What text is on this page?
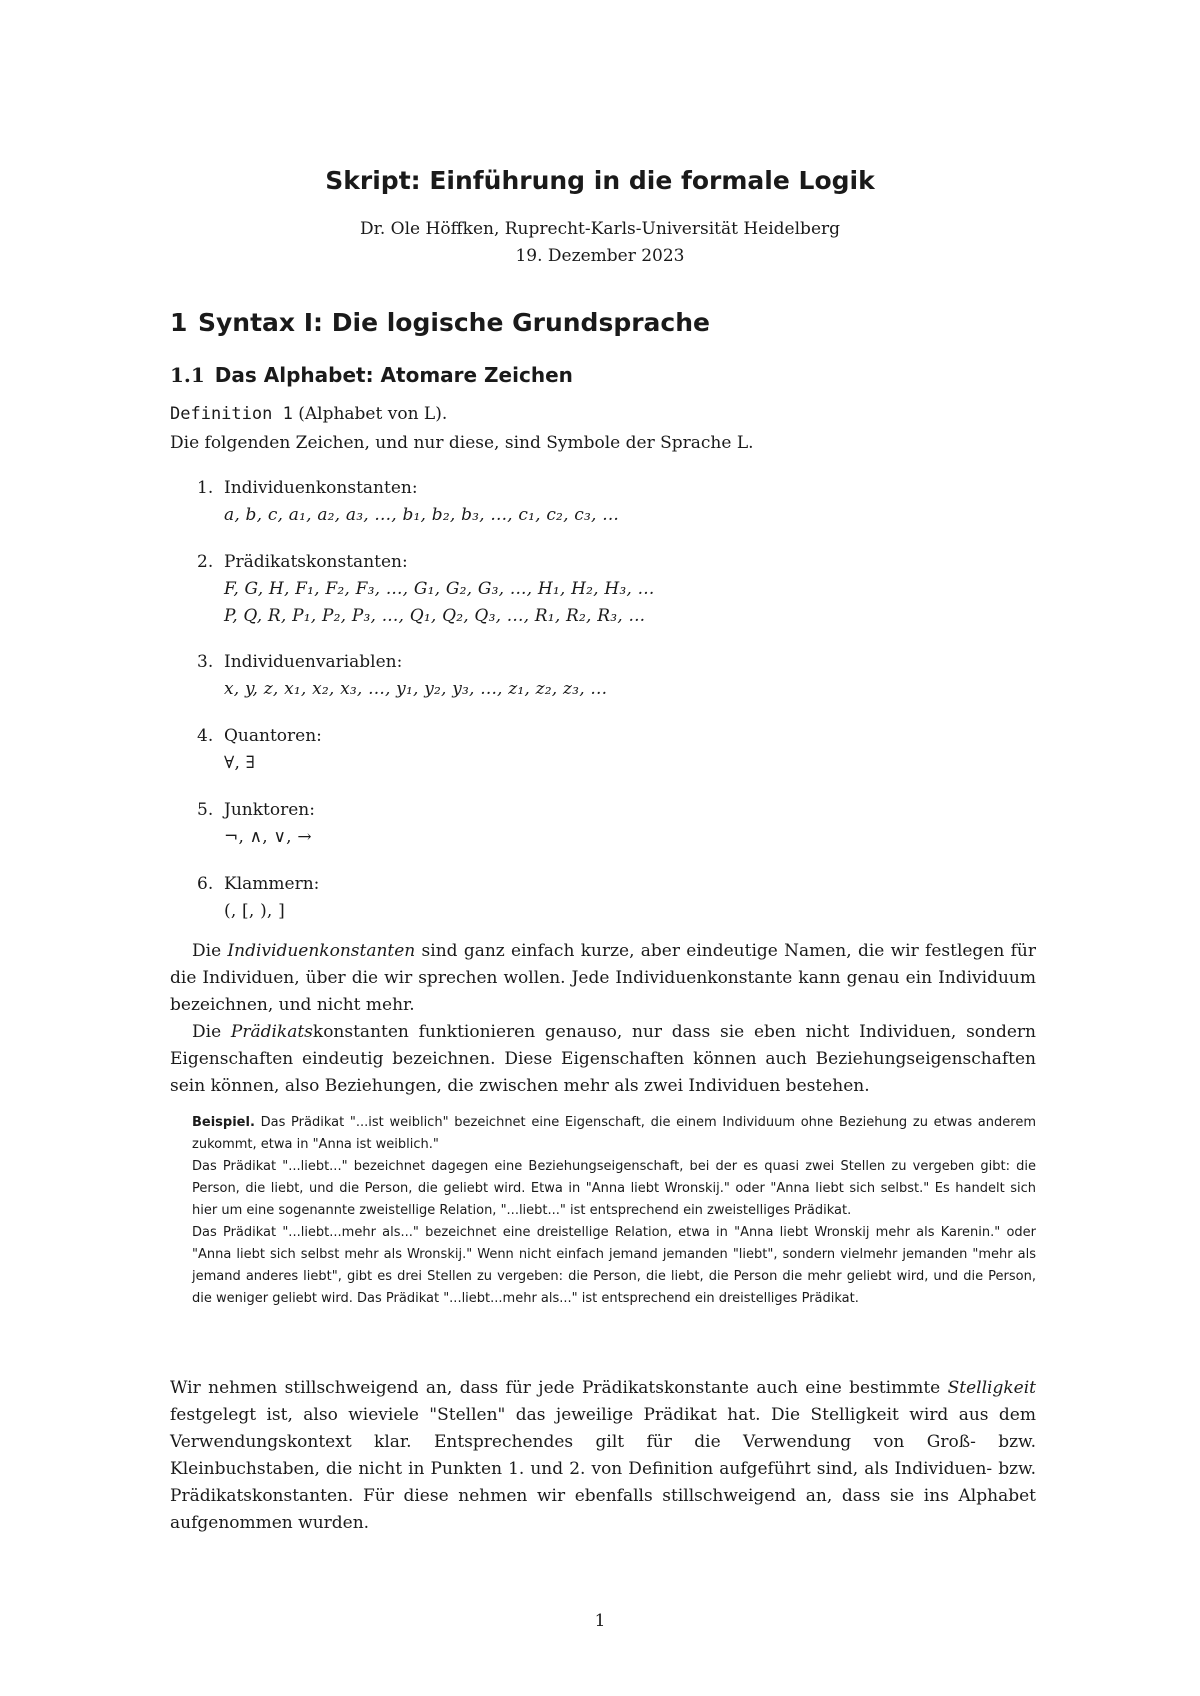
Skript: Einführung in die formale Logik
Dr. Ole Höffken, Ruprecht-Karls-Universität Heidelberg
19. Dezember 2023
1 Syntax I: Die logische Grundsprache
1.1 Das Alphabet: Atomare Zeichen
Definition 1 (Alphabet von L).
Die folgenden Zeichen, und nur diese, sind Symbole der Sprache L.
1. Individuenkonstanten:
a, b, c, a₁, a₂, a₃, ..., b₁, b₂, b₃, ..., c₁, c₂, c₃, ...
2. Prädikatskonstanten:
F, G, H, F₁, F₂, F₃, ..., G₁, G₂, G₃, ..., H₁, H₂, H₃, ...
P, Q, R, P₁, P₂, P₃, ..., Q₁, Q₂, Q₃, ..., R₁, R₂, R₃, ...
3. Individuenvariablen:
x, y, z, x₁, x₂, x₃, ..., y₁, y₂, y₃, ..., z₁, z₂, z₃, ...
4. Quantoren:
∀, ∃
5. Junktoren:
¬, ∧, ∨, →
6. Klammern:
(, [, ), ]
Die Individuenkonstanten sind ganz einfach kurze, aber eindeutige Namen, die wir festlegen für die Individuen, über die wir sprechen wollen. Jede Individuenkonstante kann genau ein Individuum bezeichnen, und nicht mehr.
Die Prädikatskonstanten funktionieren genauso, nur dass sie eben nicht Individuen, sondern Eigenschaften eindeutig bezeichnen. Diese Eigenschaften können auch Beziehungseigenschaften sein können, also Beziehungen, die zwischen mehr als zwei Individuen bestehen.

Beispiel. Das Prädikat "...ist weiblich" bezeichnet eine Eigenschaft, die einem Individuum ohne Beziehung zu etwas anderem zukommt, etwa in "Anna ist weiblich."

Das Prädikat "...liebt..." bezeichnet dagegen eine Beziehungseigenschaft, bei der es quasi zwei Stellen zu vergeben gibt: die Person, die liebt, und die Person, die geliebt wird. Etwa in "Anna liebt Wronskij." oder "Anna liebt sich selbst." Es handelt sich hier um eine sogenannte zweistellige Relation, "...liebt..." ist entsprechend ein zweistelliges Prädikat.

Das Prädikat "...liebt...mehr als..." bezeichnet eine dreistellige Relation, etwa in "Anna liebt Wronskij mehr als Karenin." oder "Anna liebt sich selbst mehr als Wronskij." Wenn nicht einfach jemand jemanden "liebt", sondern vielmehr jemanden "mehr als jemand anderes liebt", gibt es drei Stellen zu vergeben: die Person, die liebt, die Person die mehr geliebt wird, und die Person, die weniger geliebt wird. Das Prädikat "...liebt...mehr als..." ist entsprechend ein dreistelliges Prädikat.

Wir nehmen stillschweigend an, dass für jede Prädikatskonstante auch eine bestimmte Stelligkeit festgelegt ist, also wieviele "Stellen" das jeweilige Prädikat hat. Die Stelligkeit wird aus dem Verwendungskontext klar. Entsprechendes gilt für die Verwendung von Groß- bzw. Kleinbuchstaben, die nicht in Punkten 1. und 2. von Definition aufgeführt sind, als Individuen- bzw. Prädikatskonstanten. Für diese nehmen wir ebenfalls stillschweigend an, dass sie ins Alphabet aufgenommen wurden.
1
